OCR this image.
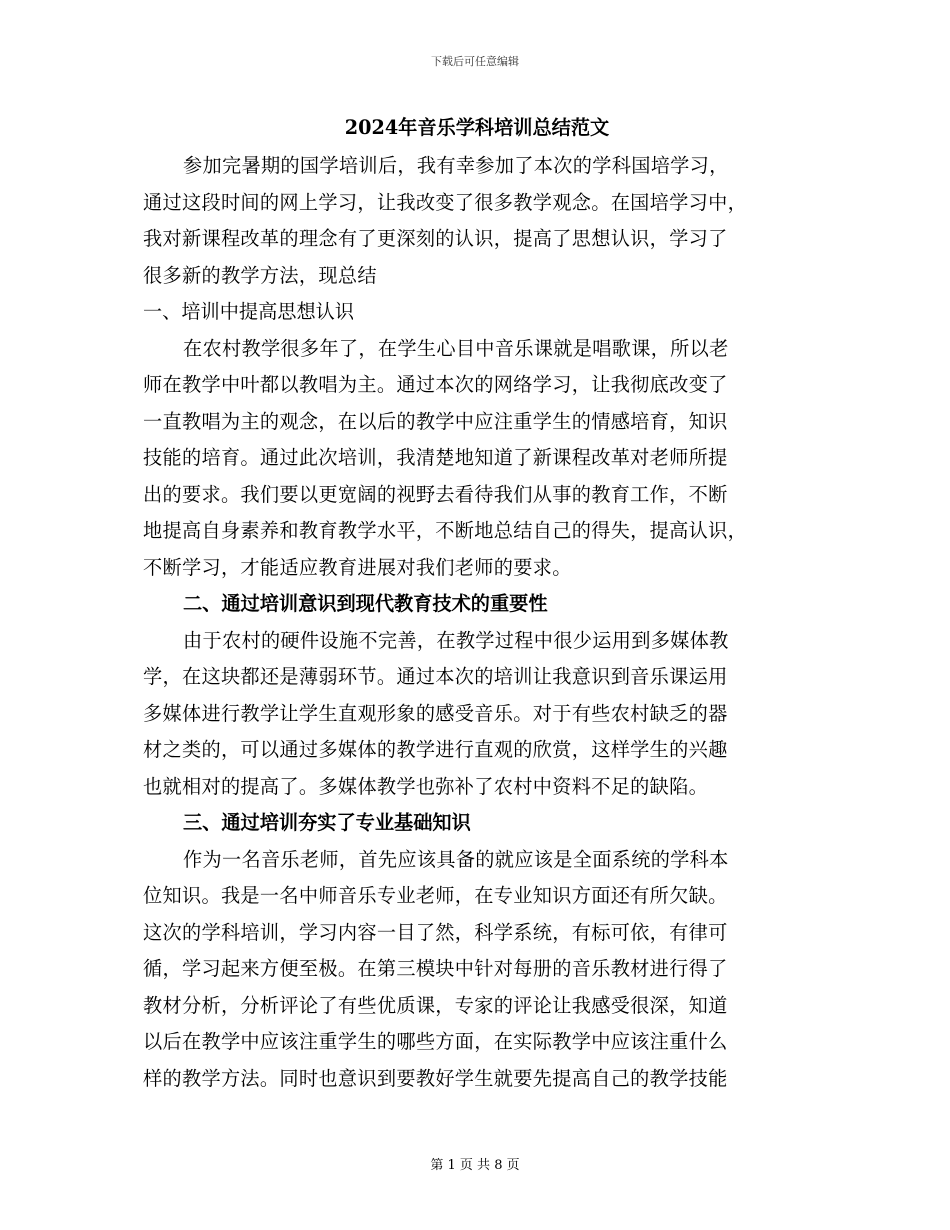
下载后可任意编辑
2024年音乐学科培训总结范文
参加完暑期的国学培训后，我有幸参加了本次的学科国培学习，
通过这段时间的网上学习，让我改变了很多教学观念。在国培学习中，
我对新课程改革的理念有了更深刻的认识，提高了思想认识，学习了
很多新的教学方法，现总结
一、培训中提高思想认识
在农村教学很多年了，在学生心目中音乐课就是唱歌课，所以老
师在教学中叶都以教唱为主。通过本次的网络学习，让我彻底改变了
一直教唱为主的观念，在以后的教学中应注重学生的情感培育，知识
技能的培育。通过此次培训，我清楚地知道了新课程改革对老师所提
出的要求。我们要以更宽阔的视野去看待我们从事的教育工作，不断
地提高自身素养和教育教学水平，不断地总结自己的得失，提高认识，
不断学习，才能适应教育进展对我们老师的要求。
二、通过培训意识到现代教育技术的重要性
由于农村的硬件设施不完善，在教学过程中很少运用到多媒体教
学，在这块都还是薄弱环节。通过本次的培训让我意识到音乐课运用
多媒体进行教学让学生直观形象的感受音乐。对于有些农村缺乏的器
材之类的，可以通过多媒体的教学进行直观的欣赏，这样学生的兴趣
也就相对的提高了。多媒体教学也弥补了农村中资料不足的缺陷。
三、通过培训夯实了专业基础知识
作为一名音乐老师，首先应该具备的就应该是全面系统的学科本
位知识。我是一名中师音乐专业老师，在专业知识方面还有所欠缺。
这次的学科培训，学习内容一目了然，科学系统，有标可依，有律可
循，学习起来方便至极。在第三模块中针对每册的音乐教材进行得了
教材分析，分析评论了有些优质课，专家的评论让我感受很深，知道
以后在教学中应该注重学生的哪些方面，在实际教学中应该注重什么
样的教学方法。同时也意识到要教好学生就要先提高自己的教学技能
第 1 页 共 8 页
